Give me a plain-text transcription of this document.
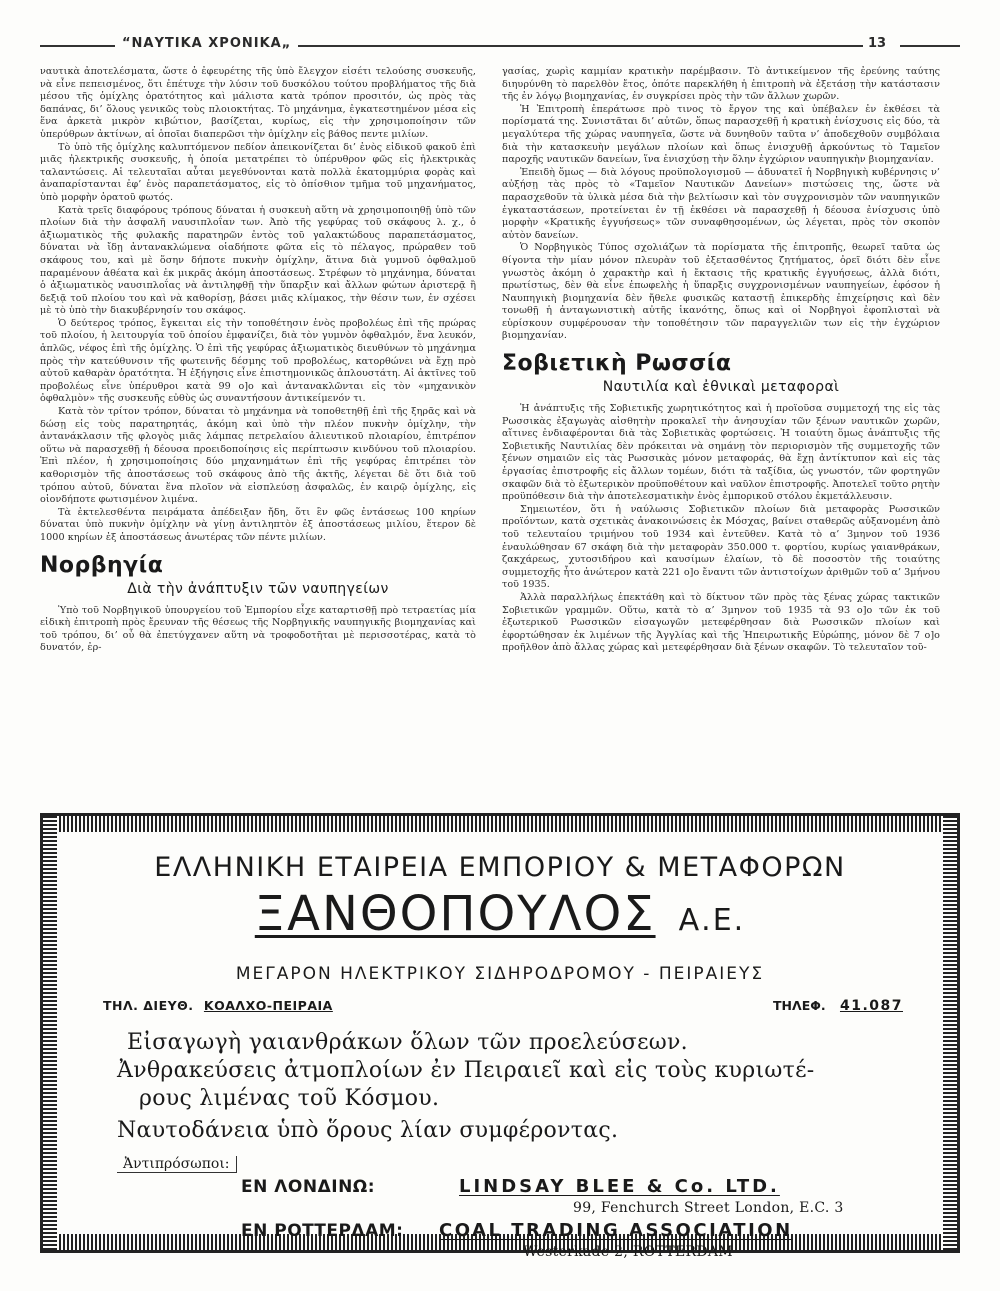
“ΝΑΥΤΙΚΑ ΧΡΟΝΙΚΑ„	13

ναυτικὰ ἀποτελέσματα, ὥστε ὁ ἐφευρέτης τῆς ὑπὸ ἔλεγχον εἰσέτι τελούσης συσκευῆς, νὰ εἶνε πεπεισμένος, ὅτι ἐπέτυχε τὴν λύσιν τοῦ δυσκόλου τούτου προβλήματος τῆς διὰ μέσου τῆς ὁμίχλης ὁρατότητος καὶ μάλιστα κατὰ τρόπον προσιτόν, ὡς πρὸς τὰς δαπάνας, δι’ ὅλους γενικῶς τοὺς πλοιοκτήτας. Τὸ μηχάνημα, ἐγκατεστημένον μέσα εἰς ἕνα ἀρκετὰ μικρὸν κιβώτιον, βασίζεται, κυρίως, εἰς τὴν χρησιμοποίησιν τῶν ὑπερύθρων ἀκτίνων, αἱ ὁποῖαι διαπερῶσι τὴν ὁμίχλην εἰς βάθος πεντε μιλίων.

Τὸ ὑπὸ τῆς ὁμίχλης καλυπτόμενον πεδίον ἀπεικονίζεται δι’ ἑνὸς εἰδικοῦ φακοῦ ἐπὶ μιᾶς ἠλεκτρικῆς συσκευῆς, ἡ ὁποία μετατρέπει τὸ ὑπέρυθρον φῶς εἰς ἠλεκτρικὰς ταλαντώσεις. Αἱ τελευταῖαι αὗται μεγεθύνονται κατὰ πολλὰ ἑκατομμύρια φορὰς καὶ ἀναπαρίστανται ἐφ’ ἑνὸς παραπετάσματος, εἰς τὸ ὀπίσθιον τμῆμα τοῦ μηχανήματος, ὑπὸ μορφὴν ὁρατοῦ φωτός.

Κατὰ τρεῖς διαφόρους τρόπους δύναται ἡ συσκευὴ αὕτη νὰ χρησιμοποιηθῇ ὑπὸ τῶν πλοίων διὰ τὴν ἀσφαλῆ ναυσιπλοΐαν των. Ἀπὸ τῆς γεφύρας τοῦ σκάφους λ. χ., ὁ ἀξιωματικὸς τῆς φυλακῆς παρατηρῶν ἐντὸς τοῦ γαλακτώδους παραπετάσματος, δύναται νὰ ἴδῃ ἀντανακλώμενα οἱαδήποτε φῶτα εἰς τὸ πέλαγος, πρώραθεν τοῦ σκάφους του, καὶ μὲ ὅσην δήποτε πυκνὴν ὁμίχλην, ἅτινα διὰ γυμνοῦ ὀφθαλμοῦ παραμένουν ἀθέατα καὶ ἐκ μικρᾶς ἀκόμη ἀποστάσεως. Στρέφων τὸ μηχάνημα, δύναται ὁ ἀξιωματικὸς ναυσιπλοΐας νὰ ἀντιληφθῇ τὴν ὕπαρξιν καὶ ἄλλων φώτων ἀριστερᾷ ἢ δεξιᾷ τοῦ πλοίου του καὶ νὰ καθορίσῃ, βάσει μιᾶς κλίμακος, τὴν θέσιν των, ἐν σχέσει μὲ τὸ ὑπὸ τὴν διακυβέρνησίν του σκάφος.

Ὁ δεύτερος τρόπος, ἔγκειται εἰς τὴν τοποθέτησιν ἑνὸς προβολέως ἐπὶ τῆς πρώρας τοῦ πλοίου, ἡ λειτουργία τοῦ ὁποίου ἐμφανίζει, διὰ τὸν γυμνὸν ὀφθαλμόν, ἕνα λευκόν, ἁπλῶς, νέφος ἐπὶ τῆς ὁμίχλης. Ὁ ἐπὶ τῆς γεφύρας ἀξιωματικὸς διευθύνων τὸ μηχάνημα πρὸς τὴν κατεύθυνσιν τῆς φωτεινῆς δέσμης τοῦ προβολέως, κατορθώνει νὰ ἔχῃ πρὸ αὐτοῦ καθαρὰν ὁρατότητα. Ἡ ἐξήγησις εἶνε ἐπιστημονικῶς ἁπλουστάτη. Αἱ ἀκτῖνες τοῦ προβολέως εἶνε ὑπέρυθροι κατὰ 99 ο]ο καὶ ἀντανακλῶνται εἰς τὸν «μηχανικὸν ὀφθαλμὸν» τῆς συσκευῆς εὐθὺς ὡς συναντήσουν ἀντικείμενόν τι.

Κατὰ τὸν τρίτον τρόπον, δύναται τὸ μηχάνημα νὰ τοποθετηθῇ ἐπὶ τῆς ξηρᾶς καὶ νὰ δώσῃ εἰς τοὺς παρατηρητάς, ἀκόμη καὶ ὑπὸ τὴν πλέον πυκνὴν ὁμίχλην, τὴν ἀντανάκλασιν τῆς φλογὸς μιᾶς λάμπας πετρελαίου ἁλιευτικοῦ πλοιαρίου, ἐπιτρέπον οὕτω νὰ παρασχεθῇ ἡ δέουσα προειδοποίησις εἰς περίπτωσιν κινδύνου τοῦ πλοιαρίου. Ἐπὶ πλέον, ἡ χρησιμοποίησις δύο μηχανημάτων ἐπὶ τῆς γεφύρας ἐπιτρέπει τὸν καθορισμὸν τῆς ἀποστάσεως τοῦ σκάφους ἀπὸ τῆς ἀκτῆς, λέγεται δὲ ὅτι διὰ τοῦ τρόπου αὐτοῦ, δύναται ἕνα πλοῖον νὰ εἰσπλεύσῃ ἀσφαλῶς, ἐν καιρῷ ὁμίχλης, εἰς οἱονδήποτε φωτισμένον λιμένα.

Τὰ ἐκτελεσθέντα πειράματα ἀπέδειξαν ἤδη, ὅτι ἓν φῶς ἐντάσεως 100 κηρίων δύναται ὑπὸ πυκνὴν ὁμίχλην νὰ γίνῃ ἀντιληπτὸν ἐξ ἀποστάσεως μιλίου, ἕτερον δὲ 1000 κηρίων ἐξ ἀποστάσεως ἀνωτέρας τῶν πέντε μιλίων.

Νορβηγία
Διὰ τὴν ἀνάπτυξιν τῶν ναυπηγείων

Ὑπὸ τοῦ Νορβηγικοῦ ὑπουργείου τοῦ Ἐμπορίου εἶχε καταρτισθῇ πρὸ τετραετίας μία εἰδικὴ ἐπιτροπὴ πρὸς ἔρευναν τῆς θέσεως τῆς Νορβηγικῆς ναυπηγικῆς βιομηχανίας καὶ τοῦ τρόπου, δι’ οὗ θὰ ἐπετύγχανεν αὕτη νὰ τροφοδοτῆται μὲ περισσοτέρας, κατὰ τὸ δυνατόν, ἐρ-

γασίας, χωρὶς καμμίαν κρατικὴν παρέμβασιν. Τὸ ἀντικείμενον τῆς ἐρεύνης ταύτης διηυρύνθη τὸ παρελθὸν ἔτος, ὁπότε παρεκλήθη ἡ ἐπιτροπὴ νὰ ἐξετάσῃ τὴν κατάστασιν τῆς ἐν λόγῳ βιομηχανίας, ἐν συγκρίσει πρὸς τὴν τῶν ἄλλων χωρῶν.

Ἡ Ἐπιτροπὴ ἐπεράτωσε πρὸ τινος τὸ ἔργον της καὶ ὑπέβαλεν ἐν ἐκθέσει τὰ πορίσματά της. Συνιστᾶται δι’ αὐτῶν, ὅπως παρασχεθῇ ἡ κρατικὴ ἐνίσχυσις εἰς δύο, τὰ μεγαλύτερα τῆς χώρας ναυπηγεῖα, ὥστε νὰ δυνηθοῦν ταῦτα ν’ ἀποδεχθοῦν συμβόλαια διὰ τὴν κατασκευὴν μεγάλων πλοίων καὶ ὅπως ἐνισχυθῇ ἀρκούντως τὸ Ταμεῖον παροχῆς ναυτικῶν δανείων, ἵνα ἐνισχύσῃ τὴν ὅλην ἐγχώριον ναυπηγικὴν βιομηχανίαν.

Ἐπειδὴ ὅμως — διὰ λόγους προϋπολογισμοῦ — ἀδυνατεῖ ἡ Νορβηγικὴ κυβέρνησις ν’ αὐξήσῃ τὰς πρὸς τὸ «Ταμεῖον Ναυτικῶν Δανείων» πιστώσεις της, ὥστε νὰ παρασχεθοῦν τὰ ὑλικὰ μέσα διὰ τὴν βελτίωσιν καὶ τὸν συγχρονισμὸν τῶν ναυπηγικῶν ἐγκαταστάσεων, προτείνεται ἐν τῇ ἐκθέσει νὰ παρασχεθῇ ἡ δέουσα ἐνίσχυσις ὑπὸ μορφὴν «Κρατικῆς ἐγγυήσεως» τῶν συναφθησομένων, ὡς λέγεται, πρὸς τὸν σκοπὸν αὐτὸν δανείων.

Ὁ Νορβηγικὸς Τύπος σχολιάζων τὰ πορίσματα τῆς ἐπιτροπῆς, θεωρεῖ ταῦτα ὡς θίγοντα τὴν μίαν μόνον πλευρὰν τοῦ ἐξετασθέντος ζητήματος, ὀρεῖ διότι δὲν εἶνε γνωστὸς ἀκόμη ὁ χαρακτὴρ καὶ ἡ ἔκτασις τῆς κρατικῆς ἐγγυήσεως, ἀλλὰ διότι, πρωτίστως, δὲν θὰ εἶνε ἐπωφελὴς ἡ ὕπαρξις συγχρονισμένων ναυπηγείων, ἐφόσον ἡ Ναυπηγικὴ βιομηχανία δὲν ἤθελε φυσικῶς καταστῇ ἐπικερδὴς ἐπιχείρησις καὶ δὲν τονωθῇ ἡ ἀνταγωνιστικὴ αὐτῆς ἱκανότης, ὅπως καὶ οἱ Νορβηγοὶ ἐφοπλισταὶ νὰ εὑρίσκουν συμφέρουσαν τὴν τοποθέτησιν τῶν παραγγελιῶν των εἰς τὴν ἐγχώριον βιομηχανίαν.

Σοβιετικὴ Ρωσσία
Ναυτιλία καὶ ἐθνικαὶ μεταφοραὶ

Ἡ ἀνάπτυξις τῆς Σοβιετικῆς χωρητικότητος καὶ ἡ προϊοῦσα συμμετοχή της εἰς τὰς Ρωσσικὰς ἐξαγωγὰς αἰσθητὴν προκαλεῖ τὴν ἀνησυχίαν τῶν ξένων ναυτικῶν χωρῶν, αἵτινες ἐνδιαφέρονται διὰ τὰς Σοβιετικὰς φορτώσεις. Ἡ τοιαύτη ὅμως ἀνάπτυξις τῆς Σοβιετικῆς Ναυτιλίας δὲν πρόκειται νὰ σημάνῃ τὸν περιορισμὸν τῆς συμμετοχῆς τῶν ξένων σημαιῶν εἰς τὰς Ρωσσικὰς μόνον μεταφοράς, θὰ ἔχῃ ἀντίκτυπον καὶ εἰς τὰς ἐργασίας ἐπιστροφῆς εἰς ἄλλων τομέων, διότι τὰ ταξίδια, ὡς γνωστόν, τῶν φορτηγῶν σκαφῶν διὰ τὸ ἐξωτερικὸν προϋποθέτουν καὶ ναῦλον ἐπιστροφῆς. Ἀποτελεῖ τοῦτο ρητὴν προϋπόθεσιν διὰ τὴν ἀποτελεσματικὴν ἑνὸς ἐμπορικοῦ στόλου ἐκμετάλλευσιν.

Σημειωτέον, ὅτι ἡ ναύλωσις Σοβιετικῶν πλοίων διὰ μεταφορὰς Ρωσσικῶν προϊόντων, κατὰ σχετικὰς ἀνακοινώσεις ἐκ Μόσχας, βαίνει σταθερῶς αὐξανομένη ἀπὸ τοῦ τελευταίου τριμήνου τοῦ 1934 καὶ ἐντεῦθεν. Κατὰ τὸ α’ 3μηνον τοῦ 1936 ἐναυλώθησαν 67 σκάφη διὰ τὴν μεταφορὰν 350.000 τ. φορτίου, κυρίως γαιανθράκων, ζακχάρεως, χυτοσιδήρου καὶ καυσίμων ἐλαίων, τὸ δὲ ποσοστὸν τῆς τοιαύτης συμμετοχῆς ἦτο ἀνώτερον κατὰ 221 ο]ο ἔναντι τῶν ἀντιστοίχων ἀριθμῶν τοῦ α’ 3μήνου τοῦ 1935.

Ἀλλὰ παραλλήλως ἐπεκτάθη καὶ τὸ δίκτυον τῶν πρὸς τὰς ξένας χώρας τακτικῶν Σοβιετικῶν γραμμῶν. Οὕτω, κατὰ τὸ α’ 3μηνον τοῦ 1935 τὰ 93 ο]ο τῶν ἐκ τοῦ ἐξωτερικοῦ Ρωσσικῶν εἰσαγωγῶν μετεφέρθησαν διὰ Ρωσσικῶν πλοίων καὶ ἐφορτώθησαν ἐκ λιμένων τῆς Ἀγγλίας καὶ τῆς Ἠπειρωτικῆς Εὐρώπης, μόνον δὲ 7 ο]ο προῆλθον ἀπὸ ἄλλας χώρας καὶ μετεφέρθησαν διὰ ξένων σκαφῶν. Τὸ τελευταῖον τοῦ-

ΕΛΛΗΝΙΚΗ ΕΤΑΙΡΕΙΑ ΕΜΠΟΡΙΟΥ & ΜΕΤΑΦΟΡΩΝ
ΞΑΝΘΟΠΟΥΛΟΣ Α.Ε.
ΜΕΓΑΡΟΝ ΗΛΕΚΤΡΙΚΟΥ ΣΙΔΗΡΟΔΡΟΜΟΥ - ΠΕΙΡΑΙΕΥΣ
ΤΗΛ. ΔΙΕΥΘ. ΚΟΑΛΧΟ-ΠΕΙΡΑΙΑ	ΤΗΛΕΦ. 41.087
Εἰσαγωγὴ γαιανθράκων ὅλων τῶν προελεύσεων.
Ἀνθρακεύσεις ἀτμοπλοίων ἐν Πειραιεῖ καὶ εἰς τοὺς κυριωτέ-
ρους λιμένας τοῦ Κόσμου.
Ναυτοδάνεια ὑπὸ ὅρους λίαν συμφέροντας.
Ἀντιπρόσωποι:
ΕΝ ΛΟΝΔΙΝΩ:	LINDSAY BLEE & Co. LTD.
99, Fenchurch Street London, E.C. 3
ΕΝ ΡΟΤΤΕΡΔΑΜ: COAL TRADING ASSOCIATION
Westerkade 2, ROTTERDAM
